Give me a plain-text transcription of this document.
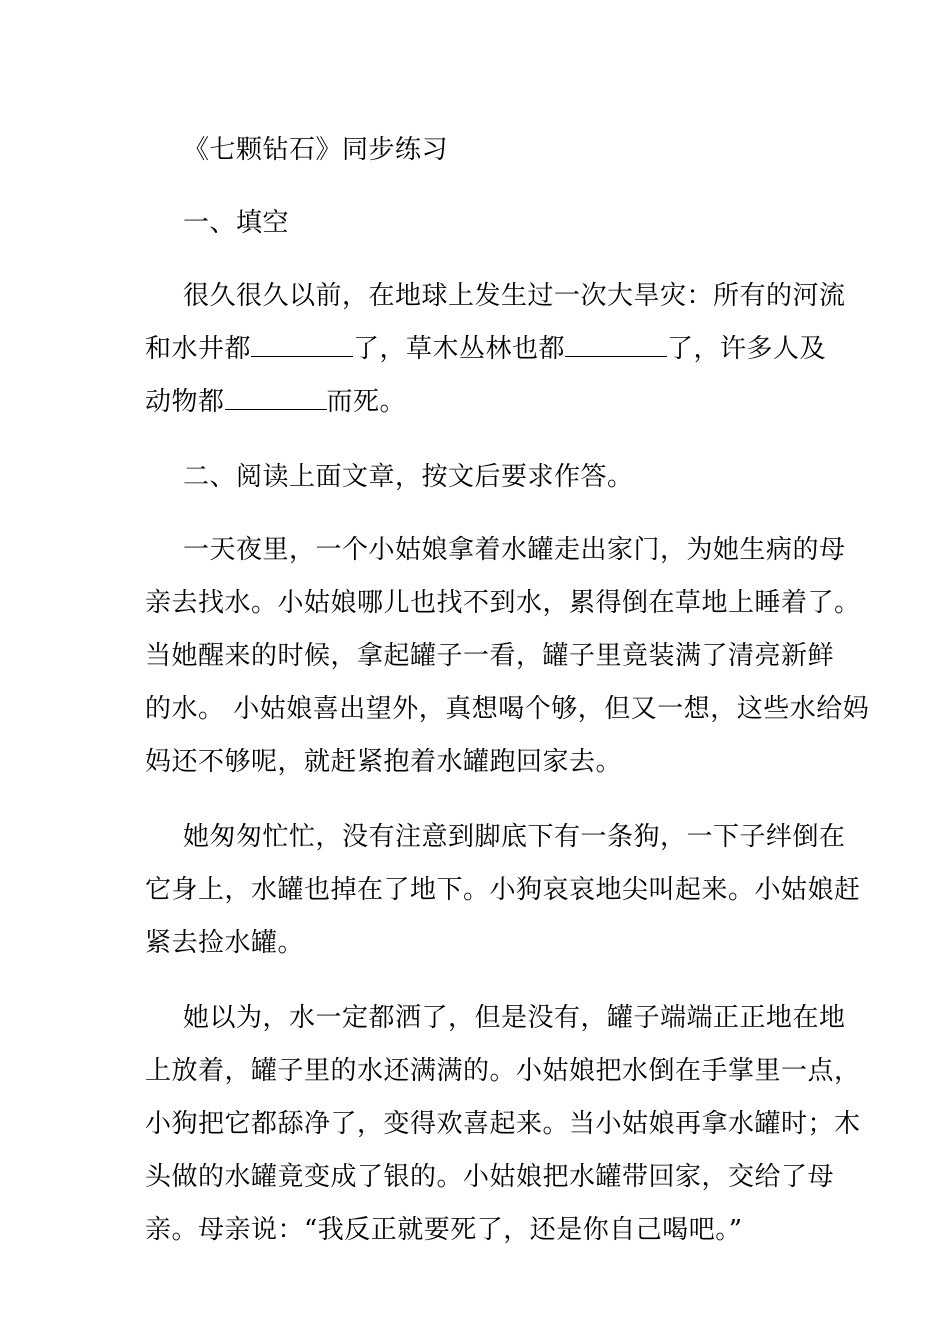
《七颗钻石》同步练习
一、填空
很久很久以前，在地球上发生过一次大旱灾：所有的河流
和水井都	了，草木丛林也都	了，许多人及
动物都	而死。
二、阅读上面文章，按文后要求作答。
一天夜里，一个小姑娘拿着水罐走出家门，为她生病的母
亲去找水。小姑娘哪儿也找不到水，累得倒在草地上睡着了。
当她醒来的时候，拿起罐子一看，罐子里竟装满了清亮新鲜
的水。 小姑娘喜出望外，真想喝个够，但又一想，这些水给妈
妈还不够呢，就赶紧抱着水罐跑回家去。
她匆匆忙忙，没有注意到脚底下有一条狗，一下子绊倒在
它身上，水罐也掉在了地下。小狗哀哀地尖叫起来。小姑娘赶
紧去捡水罐。
她以为，水一定都洒了，但是没有，罐子端端正正地在地
上放着，罐子里的水还满满的。小姑娘把水倒在手掌里一点，
小狗把它都舔净了，变得欢喜起来。当小姑娘再拿水罐时；木
头做的水罐竟变成了银的。小姑娘把水罐带回家，交给了母
亲。母亲说：“我反正就要死了，还是你自己喝吧。”
